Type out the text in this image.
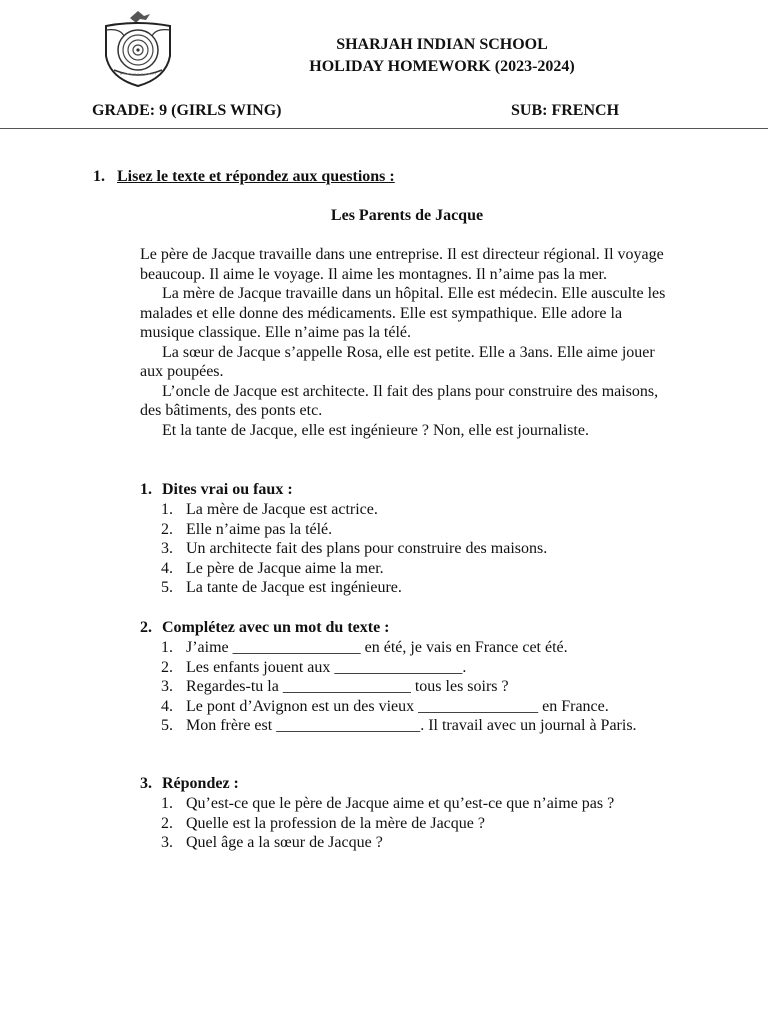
SHARJAH INDIAN SCHOOL
HOLIDAY HOMEWORK (2023-2024)
GRADE: 9 (GIRLS WING)	SUB: FRENCH
1. Lisez le texte et répondez aux questions :
Les Parents de Jacque

Le père de Jacque travaille dans une entreprise. Il est directeur régional. Il voyage beaucoup. Il aime le voyage. Il aime les montagnes. Il n’aime pas la mer.

La mère de Jacque travaille dans un hôpital. Elle est médecin. Elle ausculte les malades et elle donne des médicaments. Elle est sympathique. Elle adore la musique classique. Elle n’aime pas la télé.

La sœur de Jacque s’appelle Rosa, elle est petite. Elle a 3ans. Elle aime jouer aux poupées.

L’oncle de Jacque est architecte. Il fait des plans pour construire des maisons, des bâtiments, des ponts etc.

Et la tante de Jacque, elle est ingénieure ? Non, elle est journaliste.

1. Dites vrai ou faux :
1. La mère de Jacque est actrice.
2. Elle n’aime pas la télé.
3. Un architecte fait des plans pour construire des maisons.
4. Le père de Jacque aime la mer.
5. La tante de Jacque est ingénieure.
2. Complétez avec un mot du texte :
1. J’aime ________________ en été, je vais en France cet été.
2. Les enfants jouent aux ________________.
3. Regardes-tu la ________________ tous les soirs ?
4. Le pont d’Avignon est un des vieux _______________ en France.
5. Mon frère est __________________. Il travail avec un journal à Paris.
3. Répondez :
1. Qu’est-ce que le père de Jacque aime et qu’est-ce que n’aime pas ?
2. Quelle est la profession de la mère de Jacque ?
3. Quel âge a la sœur de Jacque ?
